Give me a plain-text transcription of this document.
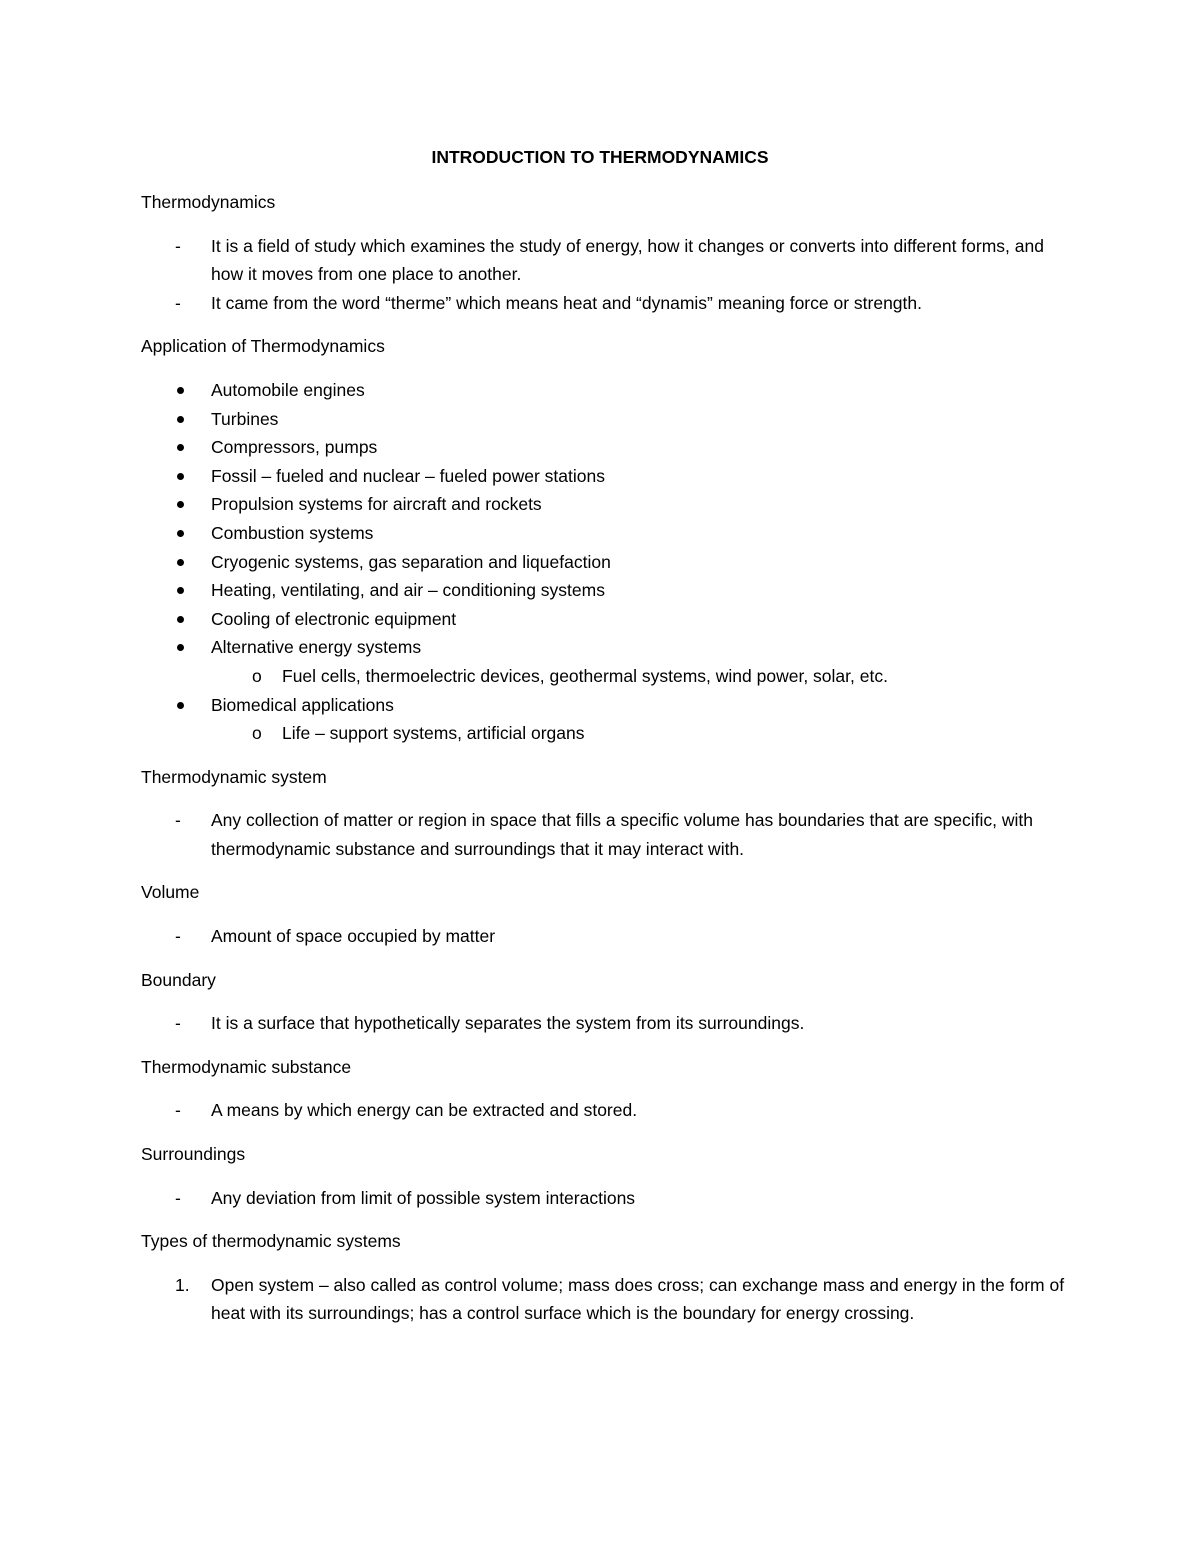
INTRODUCTION TO THERMODYNAMICS
Thermodynamics
It is a field of study which examines the study of energy, how it changes or converts into different forms, and how it moves from one place to another.
It came from the word “therme” which means heat and “dynamis” meaning force or strength.
Application of Thermodynamics
Automobile engines
Turbines
Compressors, pumps
Fossil – fueled and nuclear – fueled power stations
Propulsion systems for aircraft and rockets
Combustion systems
Cryogenic systems, gas separation and liquefaction
Heating, ventilating, and air – conditioning systems
Cooling of electronic equipment
Alternative energy systems
Fuel cells, thermoelectric devices, geothermal systems, wind power, solar, etc.
Biomedical applications
Life – support systems, artificial organs
Thermodynamic system
Any collection of matter or region in space that fills a specific volume has boundaries that are specific, with thermodynamic substance and surroundings that it may interact with.
Volume
Amount of space occupied by matter
Boundary
It is a surface that hypothetically separates the system from its surroundings.
Thermodynamic substance
A means by which energy can be extracted and stored.
Surroundings
Any deviation from limit of possible system interactions
Types of thermodynamic systems
1.	Open system – also called as control volume; mass does cross; can exchange mass and energy in the form of heat with its surroundings; has a control surface which is the boundary for energy crossing.
